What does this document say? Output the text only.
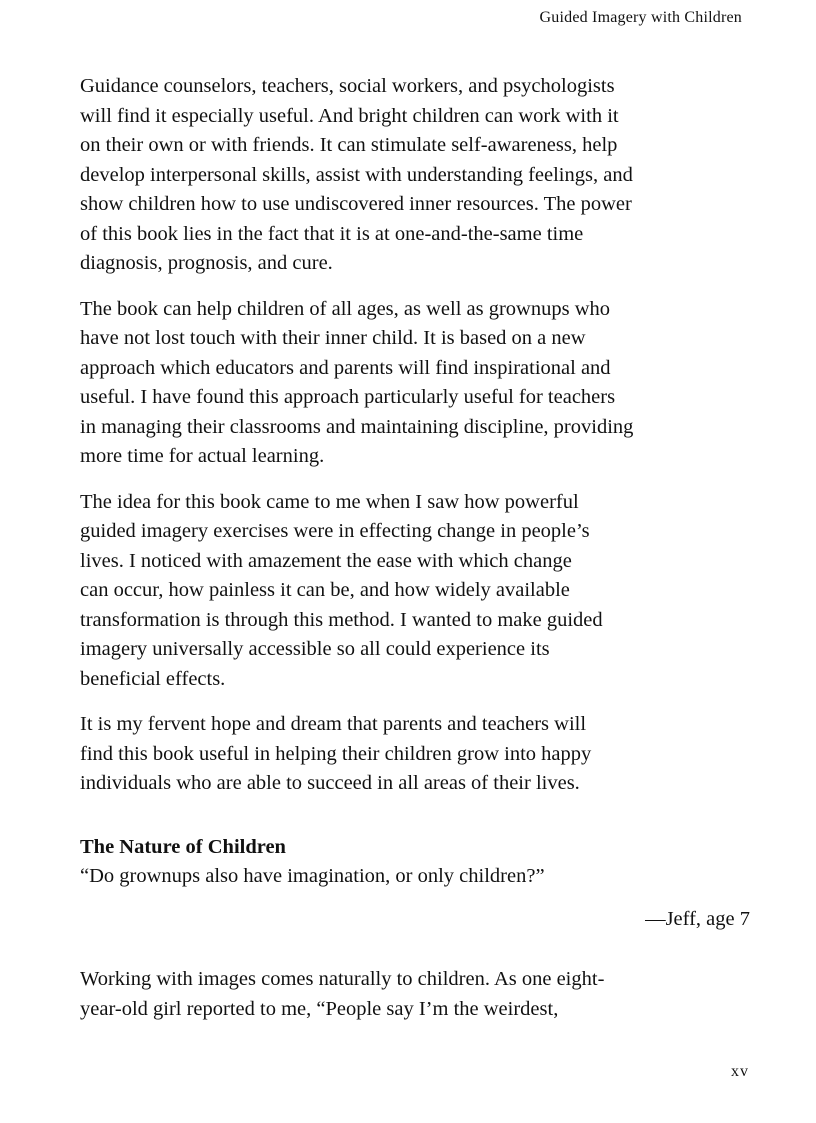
Guided Imagery with Children

Guidance counselors, teachers, social workers, and psychologists
will find it especially useful. And bright children can work with it
on their own or with friends. It can stimulate self-awareness, help
develop interpersonal skills, assist with understanding feelings, and
show children how to use undiscovered inner resources. The power
of this book lies in the fact that it is at one-and-the-same time
diagnosis, prognosis, and cure.

The book can help children of all ages, as well as grownups who
have not lost touch with their inner child. It is based on a new
approach which educators and parents will find inspirational and
useful. I have found this approach particularly useful for teachers
in managing their classrooms and maintaining discipline, providing
more time for actual learning.

The idea for this book came to me when I saw how powerful
guided imagery exercises were in effecting change in people’s
lives. I noticed with amazement the ease with which change
can occur, how painless it can be, and how widely available
transformation is through this method. I wanted to make guided
imagery universally accessible so all could experience its
beneficial effects.

It is my fervent hope and dream that parents and teachers will
find this book useful in helping their children grow into happy
individuals who are able to succeed in all areas of their lives.

The Nature of Children

“Do grownups also have imagination, or only children?”

—Jeff, age 7

Working with images comes naturally to children. As one eight-
year-old girl reported to me, “People say I’m the weirdest,

xv
